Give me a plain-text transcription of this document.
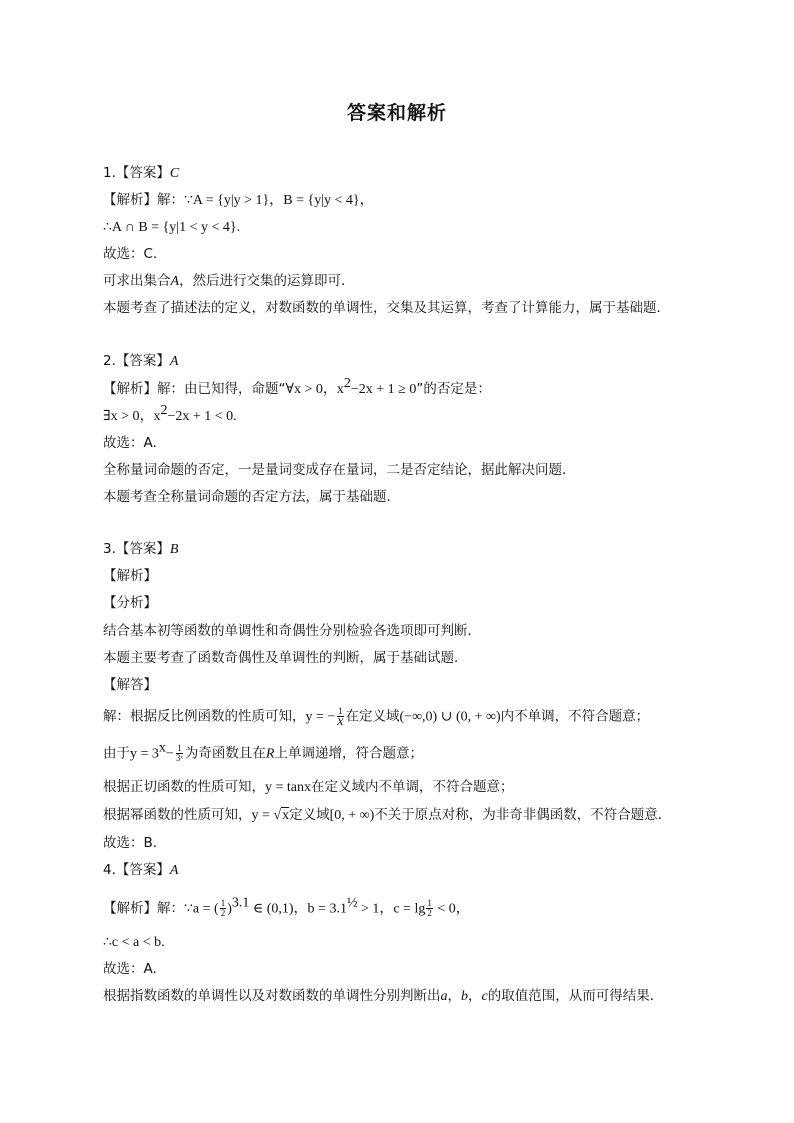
答案和解析
1.【答案】C
【解析】解：∵A = {y|y > 1}，B = {y|y < 4}，
∴A ∩ B = {y|1 < y < 4}.
故选：C.
可求出集合A，然后进行交集的运算即可．
本题考查了描述法的定义，对数函数的单调性，交集及其运算，考查了计算能力，属于基础题．
2.【答案】A
【解析】解：由已知得，命题“∀x > 0，$x^2-2x + 1 \ge 0$”的否定是：
∃x > 0，$x^2-2x + 1 < 0$.
故选：A.
全称量词命题的否定，一是量词变成存在量词，二是否定结论，据此解决问题．
本题考查全称量词命题的否定方法，属于基础题．
3.【答案】B
【解析】
【分析】
结合基本初等函数的单调性和奇偶性分别检验各选项即可判断．
本题主要考查了函数奇偶性及单调性的判断，属于基础试题．
【解答】
解：根据反比例函数的性质可知，y = − $\frac{1}{x}$ 在定义域(−∞,0) ∪ (0, + ∞)内不单调，不符合题意；
由于$y = 3^x- \frac{1}{\text{3ˣ}}$ 为奇函数且在R上单调递增，符合题意；
根据正切函数的性质可知，y = tanx在定义域内不单调，不符合题意；
根据幂函数的性质可知，y = √x定义域[0, + ∞)不关于原点对称，为非奇非偶函数，不符合题意．
故选：B.
4.【答案】A
【解析】解：∵a = ( $\frac{1}{2} )^{3.1}$ ∈ (0,1)，$b = 3.1^{\frac{1}{2}} > 1$，$c = \lg \frac{1}{2} < 0$，
∴c < a < b.
故选：A.
根据指数函数的单调性以及对数函数的单调性分别判断出a，b，c的取值范围，从而可得结果．
